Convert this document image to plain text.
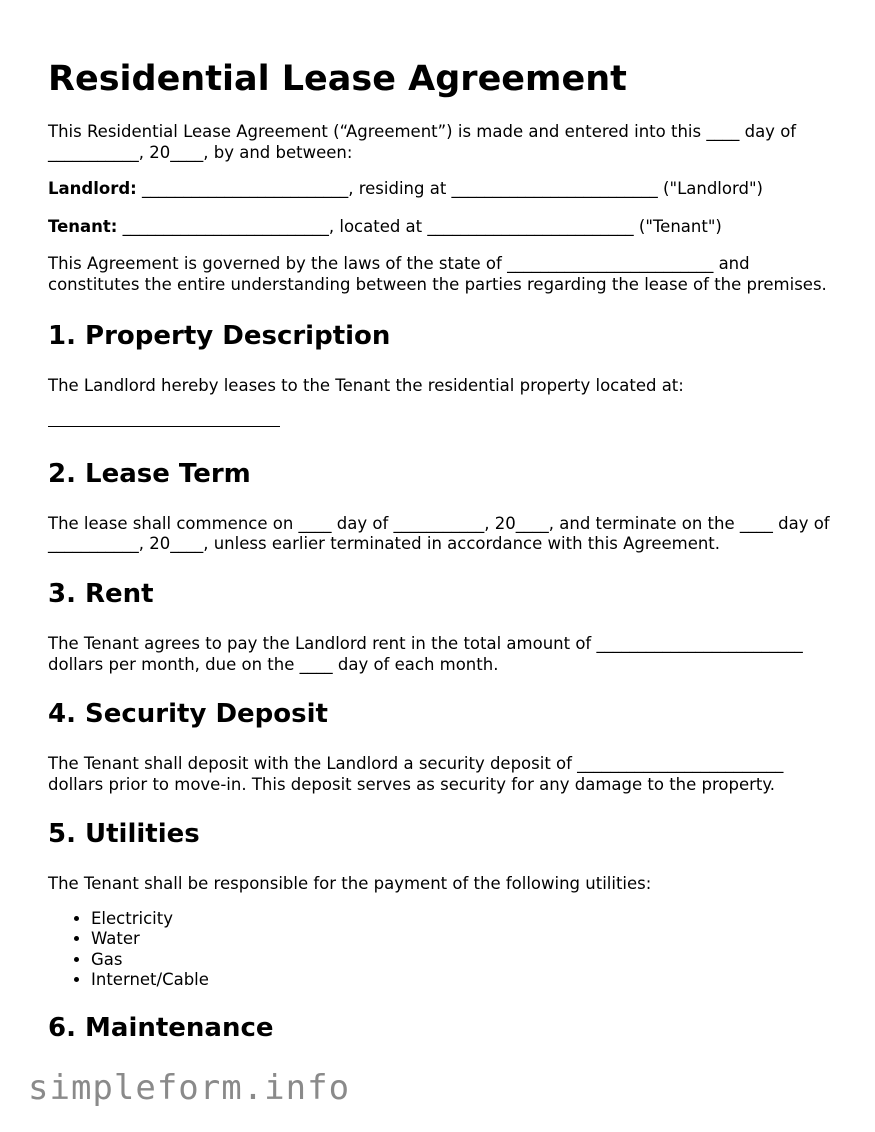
Residential Lease Agreement

This Residential Lease Agreement (“Agreement”) is made and entered into this ____ day of ___________, 20____, by and between:

Landlord: _________________________, residing at _________________________ ("Landlord")

Tenant: _________________________, located at _________________________ ("Tenant")

This Agreement is governed by the laws of the state of _________________________ and constitutes the entire understanding between the parties regarding the lease of the premises.

1. Property Description

The Landlord hereby leases to the Tenant the residential property located at:

2. Lease Term

The lease shall commence on ____ day of ___________, 20____, and terminate on the ____ day of ___________, 20____, unless earlier terminated in accordance with this Agreement.

3. Rent

The Tenant agrees to pay the Landlord rent in the total amount of _________________________ dollars per month, due on the ____ day of each month.

4. Security Deposit

The Tenant shall deposit with the Landlord a security deposit of _________________________ dollars prior to move-in. This deposit serves as security for any damage to the property.

5. Utilities

The Tenant shall be responsible for the payment of the following utilities:

• Electricity
• Water
• Gas
• Internet/Cable
6. Maintenance
simpleform.info
